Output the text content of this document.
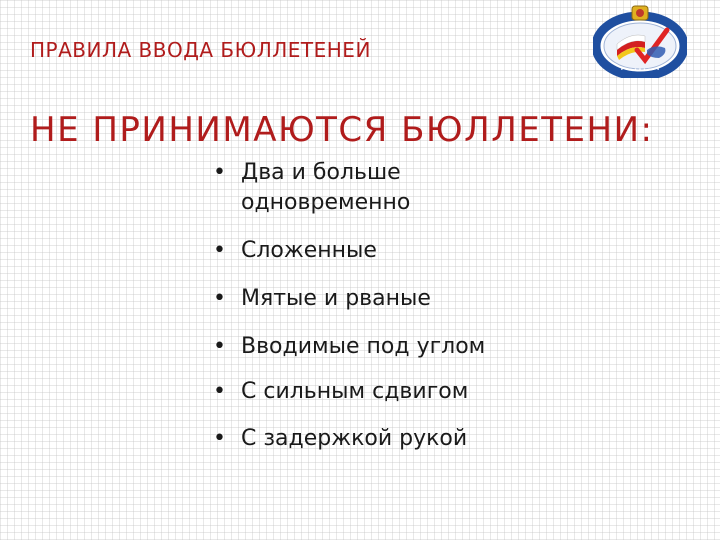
ПРАВИЛА ВВОДА БЮЛЛЕТЕНЕЙ
• • • • • • • • •
НЕ ПРИНИМАЮТСЯ БЮЛЛЕТЕНИ:
• Два и больше одновременно
• Сложенные
• Мятые и рваные
• Вводимые под углом
• С сильным сдвигом
• С задержкой рукой
